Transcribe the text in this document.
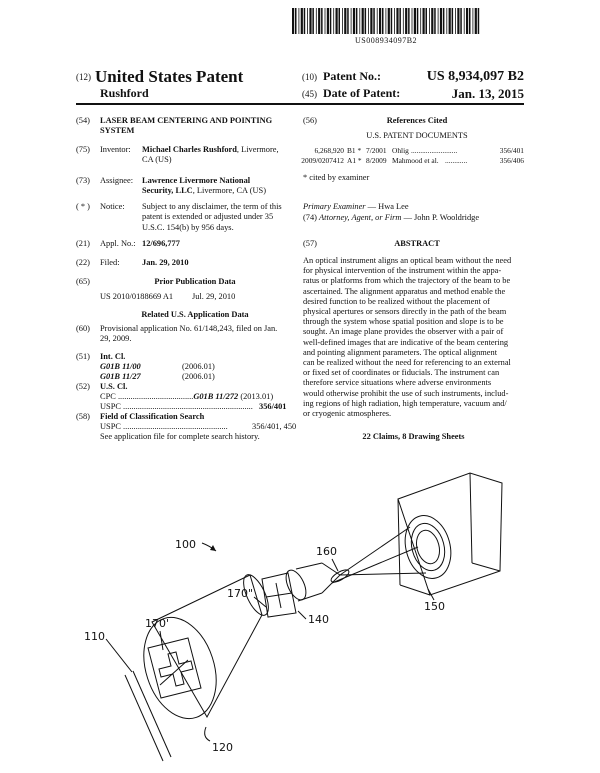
US008934097B2
(12) United States Patent
Rushford
(10) Patent No.:	US 8,934,097 B2
(45) Date of Patent:	Jan. 13, 2015
(54) LASER BEAM CENTERING AND POINTING
SYSTEM
(75) Inventor: Michael Charles Rushford, Livermore,
CA (US)
(73) Assignee: Lawrence Livermore National
Security, LLC, Livermore, CA (US)
( * ) Notice: Subject to any disclaimer, the term of this
patent is extended or adjusted under 35
U.S.C. 154(b) by 956 days.
(21) Appl. No.: 12/696,777
(22) Filed:	Jan. 29, 2010
(65)	Prior Publication Data
US 2010/0188669 A1 Jul. 29, 2010
Related U.S. Application Data
(60) Provisional application No. 61/148,243, filed on Jan.
29, 2009.
(51) Int. Cl.
G01B 11/00	(2006.01)
G01B 11/27	(2006.01)
(52) U.S. Cl.
CPC ....................................G01B 11/272 (2013.01)
USPC .............................................................. 356/401
(58) Field of Classification Search
USPC ..................................................	356/401, 450
See application file for complete search history.
(56)	References Cited
U.S. PATENT DOCUMENTS
6,268,920 B1 * 7/2001 Ohlig .........................	356/401
2009/0207412 A1 * 8/2009 Mahmood et al. ............	356/406
* cited by examiner
Primary Examiner — Hwa Lee
(74) Attorney, Agent, or Firm — John P. Wooldridge
(57)	ABSTRACT
An optical instrument aligns an optical beam without the need
for physical intervention of the instrument within the appa-
ratus or platforms from which the trajectory of the beam to be
ascertained. The alignment apparatus and method enable the
desired function to be realized without the placement of
physical apertures or sensors directly in the path of the beam
through the system whose spatial position and slope is to be
sought. An image plane provides the observer with a pair of
well-defined images that are indicative of the beam centering
and pointing alignment parameters. The optical alignment
can be realized without the need for referencing to an external
or fixed set of coordinates or fiducials. The instrument can
therefore service situations where adverse environments
would otherwise prohibit the use of such instruments, includ-
ing regions of high radiation, high temperature, vacuum and/
or cryogenic atmospheres.
22 Claims, 8 Drawing Sheets
100
160
170"
140
150
170'
110
120
